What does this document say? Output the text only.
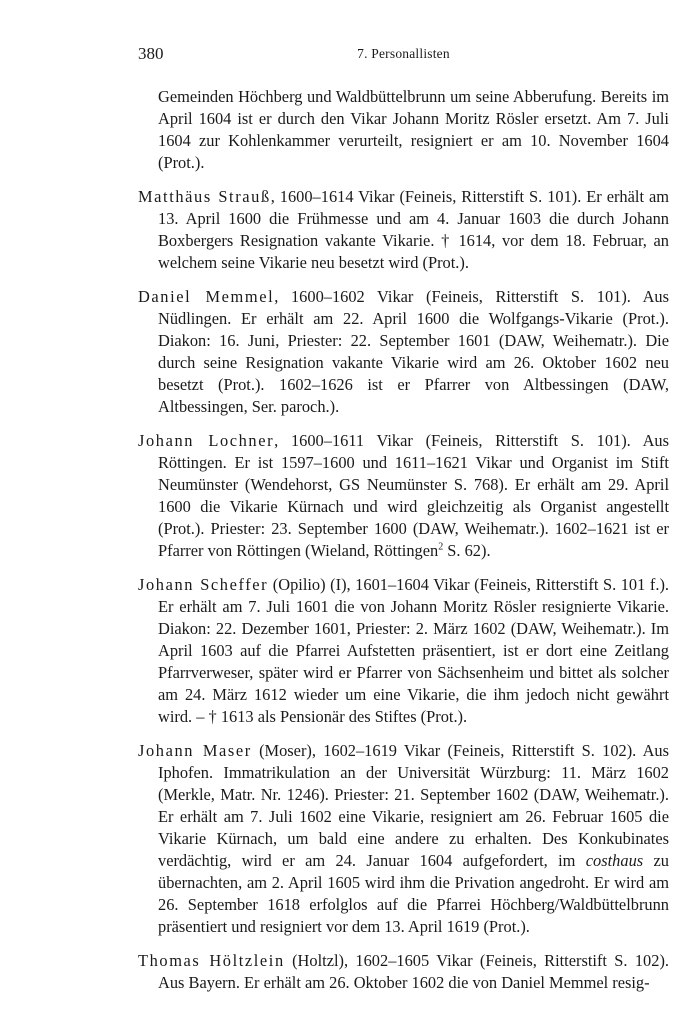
380	7. Personallisten

Gemeinden Höchberg und Waldbüttelbrunn um seine Abberufung. Bereits im April 1604 ist er durch den Vikar Johann Moritz Rösler ersetzt. Am 7. Juli 1604 zur Kohlenkammer verurteilt, resigniert er am 10. November 1604 (Prot.).

Matthäus Strauß, 1600–1614 Vikar (Feineis, Ritterstift S. 101). Er erhält am 13. April 1600 die Frühmesse und am 4. Januar 1603 die durch Johann Boxbergers Resignation vakante Vikarie. † 1614, vor dem 18. Februar, an welchem seine Vikarie neu besetzt wird (Prot.).

Daniel Memmel, 1600–1602 Vikar (Feineis, Ritterstift S. 101). Aus Nüdlingen. Er erhält am 22. April 1600 die Wolfgangs-Vikarie (Prot.). Diakon: 16. Juni, Priester: 22. September 1601 (DAW, Weihematr.). Die durch seine Resignation vakante Vikarie wird am 26. Oktober 1602 neu besetzt (Prot.). 1602–1626 ist er Pfarrer von Altbessingen (DAW, Altbessingen, Ser. paroch.).

Johann Lochner, 1600–1611 Vikar (Feineis, Ritterstift S. 101). Aus Röttingen. Er ist 1597–1600 und 1611–1621 Vikar und Organist im Stift Neumünster (Wendehorst, GS Neumünster S. 768). Er erhält am 29. April 1600 die Vikarie Kürnach und wird gleichzeitig als Organist angestellt (Prot.). Priester: 23. September 1600 (DAW, Weihematr.). 1602–1621 ist er Pfarrer von Röttingen (Wieland, Röttingen$^2$ S. 62).

Johann Scheffer (Opilio) (I), 1601–1604 Vikar (Feineis, Ritterstift S. 101 f.). Er erhält am 7. Juli 1601 die von Johann Moritz Rösler resignierte Vikarie. Diakon: 22. Dezember 1601, Priester: 2. März 1602 (DAW, Weihematr.). Im April 1603 auf die Pfarrei Aufstetten präsentiert, ist er dort eine Zeitlang Pfarrverweser, später wird er Pfarrer von Sächsenheim und bittet als solcher am 24. März 1612 wieder um eine Vikarie, die ihm jedoch nicht gewährt wird. – † 1613 als Pensionär des Stiftes (Prot.).

Johann Maser (Moser), 1602–1619 Vikar (Feineis, Ritterstift S. 102). Aus Iphofen. Immatrikulation an der Universität Würzburg: 11. März 1602 (Merkle, Matr. Nr. 1246). Priester: 21. September 1602 (DAW, Weihematr.). Er erhält am 7. Juli 1602 eine Vikarie, resigniert am 26. Februar 1605 die Vikarie Kürnach, um bald eine andere zu erhalten. Des Konkubinates verdächtig, wird er am 24. Januar 1604 aufgefordert, im costhaus zu übernachten, am 2. April 1605 wird ihm die Privation angedroht. Er wird am 26. September 1618 erfolglos auf die Pfarrei Höchberg/Waldbüttelbrunn präsentiert und resigniert vor dem 13. April 1619 (Prot.).

Thomas Höltzlein (Holtzl), 1602–1605 Vikar (Feineis, Ritterstift S. 102). Aus Bayern. Er erhält am 26. Oktober 1602 die von Daniel Memmel resig-
